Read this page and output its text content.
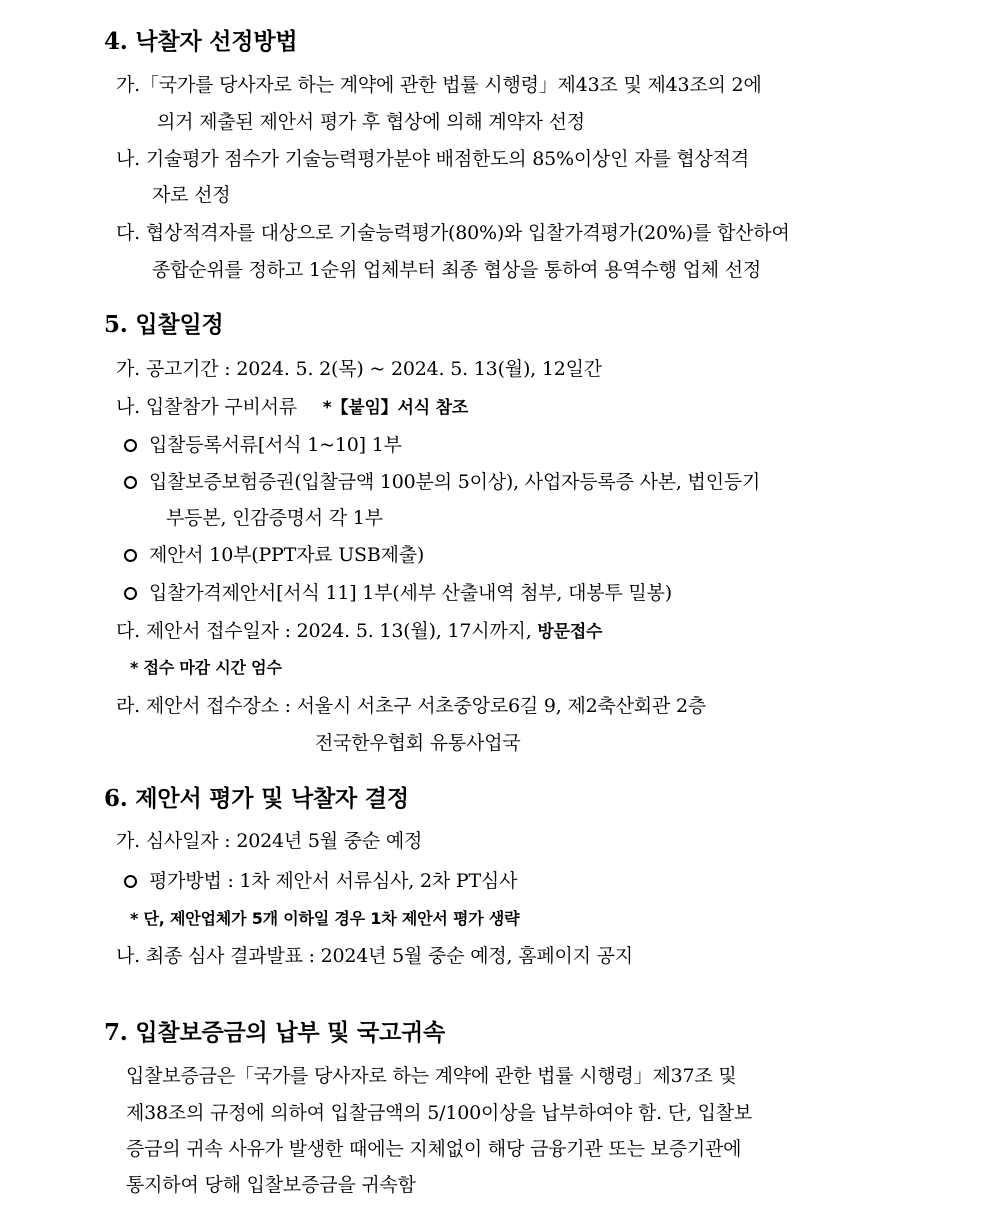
4. 낙찰자 선정방법
가.「국가를 당사자로 하는 계약에 관한 법률 시행령」제43조 및 제43조의 2에
의거 제출된 제안서 평가 후 협상에 의해 계약자 선정
나. 기술평가 점수가 기술능력평가분야 배점한도의 85%이상인 자를 협상적격
자로 선정
다. 협상적격자를 대상으로 기술능력평가(80%)와 입찰가격평가(20%)를 합산하여
종합순위를 정하고 1순위 업체부터 최종 협상을 통하여 용역수행 업체 선정
5. 입찰일정
가. 공고기간 : 2024. 5. 2(목) ~ 2024. 5. 13(월), 12일간
나. 입찰참가 구비서류 *【붙임】서식 참조
입찰등록서류[서식 1~10] 1부
입찰보증보험증권(입찰금액 100분의 5이상), 사업자등록증 사본, 법인등기
부등본, 인감증명서 각 1부
제안서 10부(PPT자료 USB제출)
입찰가격제안서[서식 11] 1부(세부 산출내역 첨부, 대봉투 밀봉)
다. 제안서 접수일자 : 2024. 5. 13(월), 17시까지, 방문접수
* 접수 마감 시간 엄수
라. 제안서 접수장소 : 서울시 서초구 서초중앙로6길 9, 제2축산회관 2층
전국한우협회 유통사업국
6. 제안서 평가 및 낙찰자 결정
가. 심사일자 : 2024년 5월 중순 예정
평가방법 : 1차 제안서 서류심사, 2차 PT심사
* 단, 제안업체가 5개 이하일 경우 1차 제안서 평가 생략
나. 최종 심사 결과발표 : 2024년 5월 중순 예정, 홈페이지 공지
7. 입찰보증금의 납부 및 국고귀속
입찰보증금은「국가를 당사자로 하는 계약에 관한 법률 시행령」제37조 및
제38조의 규정에 의하여 입찰금액의 5/100이상을 납부하여야 함. 단, 입찰보
증금의 귀속 사유가 발생한 때에는 지체없이 해당 금융기관 또는 보증기관에
통지하여 당해 입찰보증금을 귀속함
